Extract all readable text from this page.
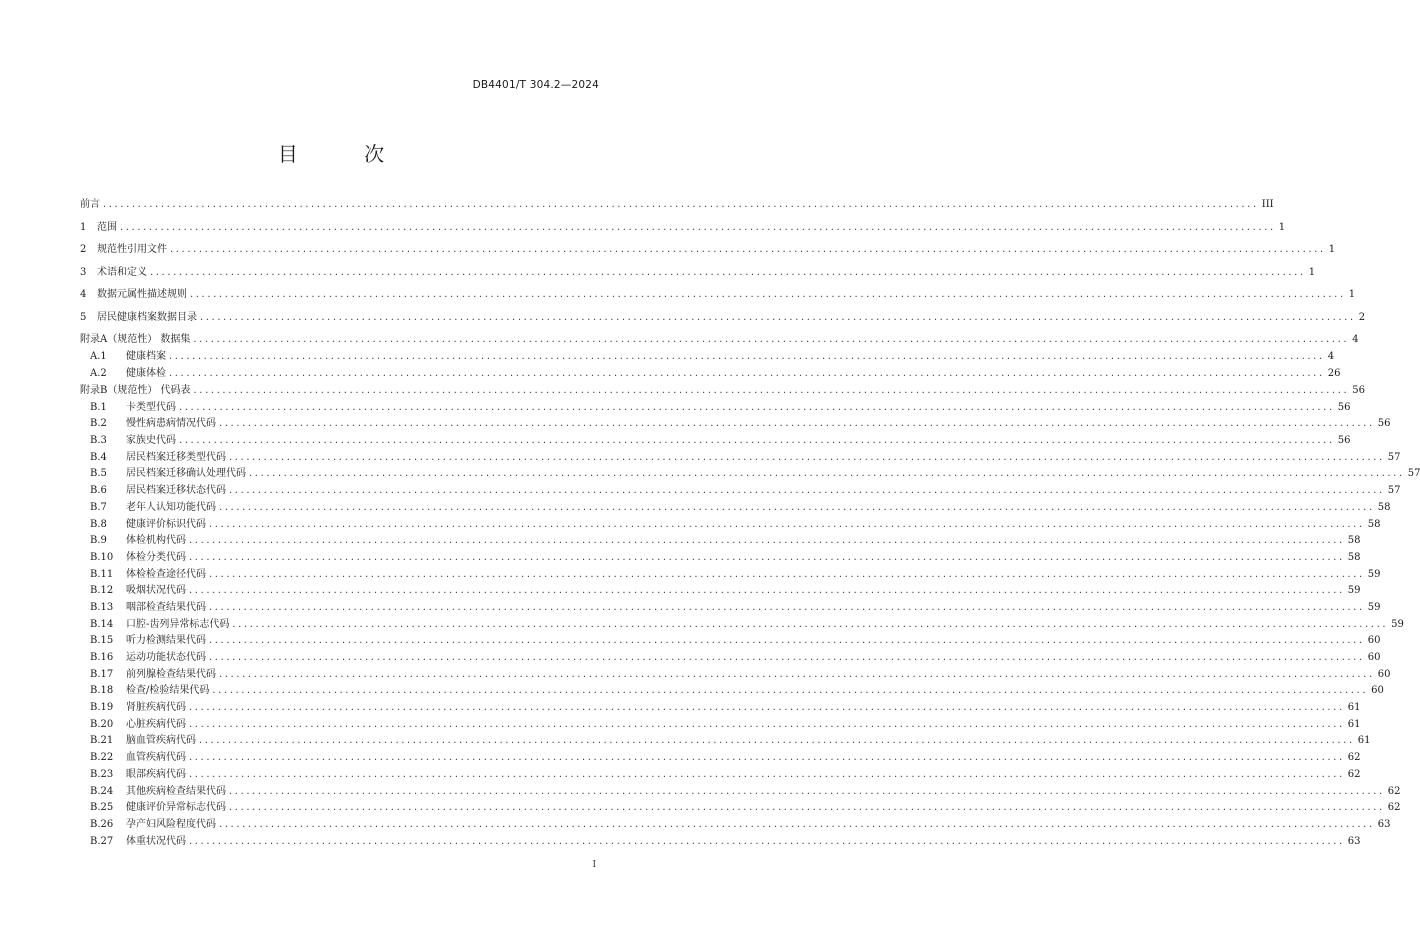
DB4401/T 304.2—2024
目 次
前言 ........................................................................................................................................................................................................ III
1 范围 ........................................................................................................................................................................................................ 1
2 规范性引用文件 ........................................................................................................................................................................................................ 1
3 术语和定义 ........................................................................................................................................................................................................ 1
4 数据元属性描述规则 ........................................................................................................................................................................................................ 1
5 居民健康档案数据目录 ........................................................................................................................................................................................................ 2
附录A（规范性） 数据集 ........................................................................................................................................................................................................ 4
A.1 健康档案 ........................................................................................................................................................................................................ 4
A.2 健康体检 ........................................................................................................................................................................................................ 26
附录B（规范性） 代码表 ........................................................................................................................................................................................................ 56
B.1 卡类型代码 ........................................................................................................................................................................................................ 56
B.2 慢性病患病情况代码 ........................................................................................................................................................................................................ 56
B.3 家族史代码 ........................................................................................................................................................................................................ 56
B.4 居民档案迁移类型代码 ........................................................................................................................................................................................................ 57
B.5 居民档案迁移确认处理代码 ........................................................................................................................................................................................................ 57
B.6 居民档案迁移状态代码 ........................................................................................................................................................................................................ 57
B.7 老年人认知功能代码 ........................................................................................................................................................................................................ 58
B.8 健康评价标识代码 ........................................................................................................................................................................................................ 58
B.9 体检机构代码 ........................................................................................................................................................................................................ 58
B.10 体检分类代码 ........................................................................................................................................................................................................ 58
B.11 体检检查途径代码 ........................................................................................................................................................................................................ 59
B.12 吸烟状况代码 ........................................................................................................................................................................................................ 59
B.13 咽部检查结果代码 ........................................................................................................................................................................................................ 59
B.14 口腔-齿列异常标志代码 ........................................................................................................................................................................................................ 59
B.15 听力检测结果代码 ........................................................................................................................................................................................................ 60
B.16 运动功能状态代码 ........................................................................................................................................................................................................ 60
B.17 前列腺检查结果代码 ........................................................................................................................................................................................................ 60
B.18 检查/检验结果代码 ........................................................................................................................................................................................................ 60
B.19 肾脏疾病代码 ........................................................................................................................................................................................................ 61
B.20 心脏疾病代码 ........................................................................................................................................................................................................ 61
B.21 脑血管疾病代码 ........................................................................................................................................................................................................ 61
B.22 血管疾病代码 ........................................................................................................................................................................................................ 62
B.23 眼部疾病代码 ........................................................................................................................................................................................................ 62
B.24 其他疾病检查结果代码 ........................................................................................................................................................................................................ 62
B.25 健康评价异常标志代码 ........................................................................................................................................................................................................ 62
B.26 孕产妇风险程度代码 ........................................................................................................................................................................................................ 63
B.27 体重状况代码 ........................................................................................................................................................................................................ 63
I
